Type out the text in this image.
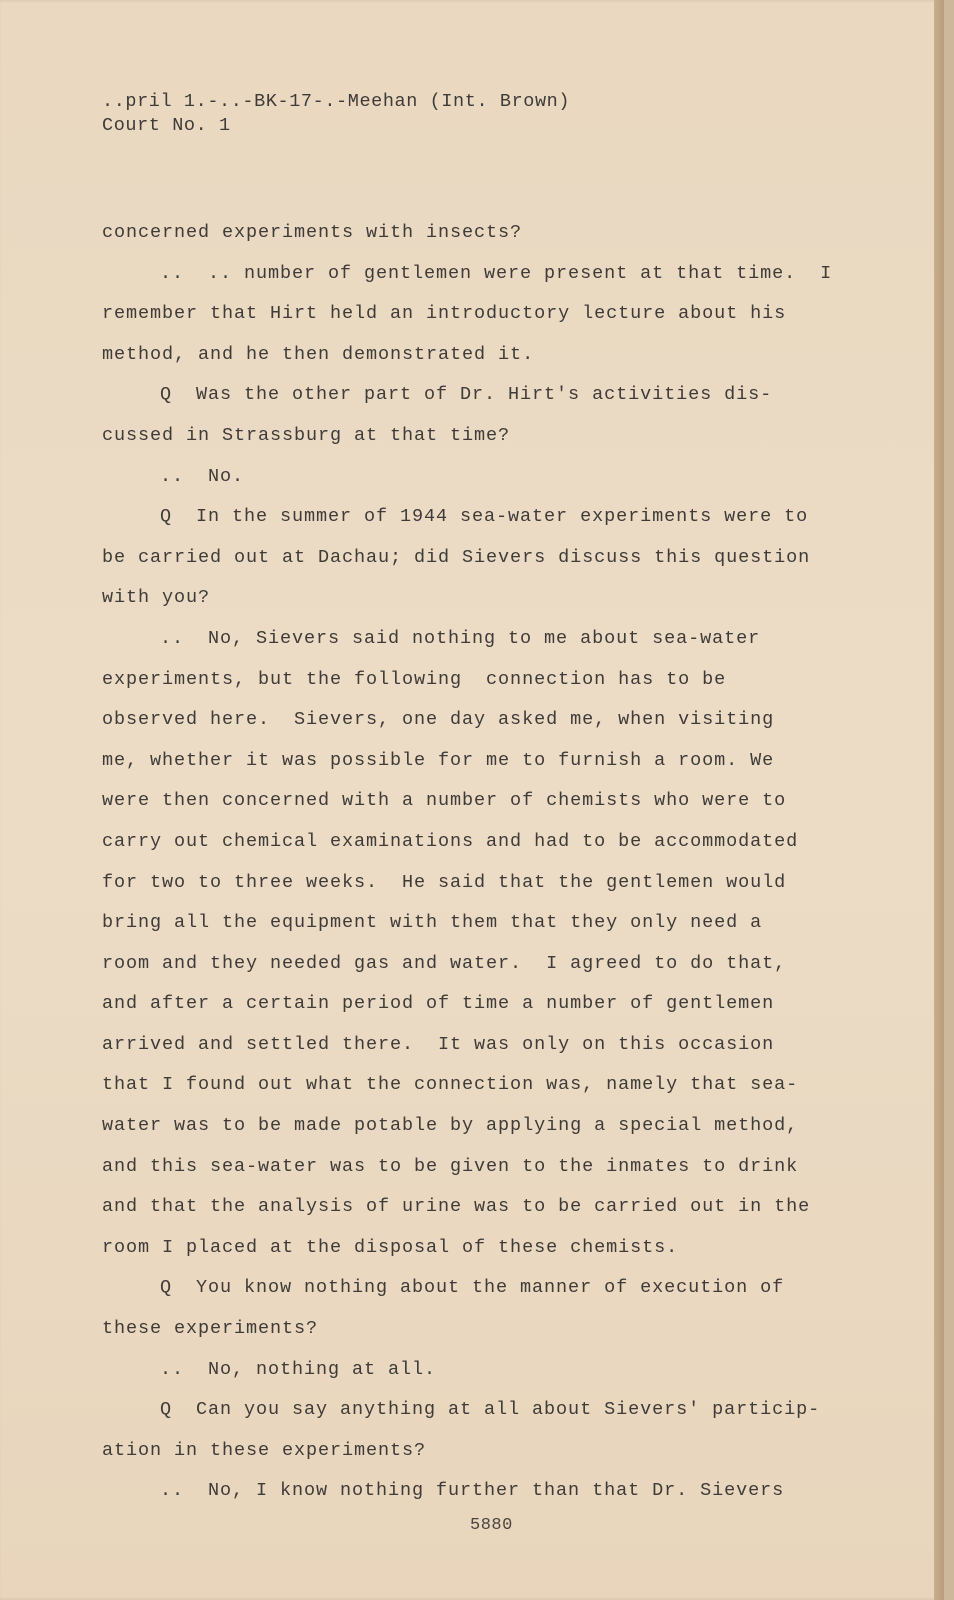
..pril 1.-..-BK-17-.-Meehan (Int. Brown)
Court No. 1
concerned experiments with insects?
..  .. number of gentlemen were present at that time.  I
remember that Hirt held an introductory lecture about his
method, and he then demonstrated it.
Q  Was the other part of Dr. Hirt's activities dis-
cussed in Strassburg at that time?
..  No.
Q  In the summer of 1944 sea-water experiments were to
be carried out at Dachau; did Sievers discuss this question
with you?
..  No, Sievers said nothing to me about sea-water
experiments, but the following  connection has to be
observed here.  Sievers, one day asked me, when visiting
me, whether it was possible for me to furnish a room. We
were then concerned with a number of chemists who were to
carry out chemical examinations and had to be accommodated
for two to three weeks.  He said that the gentlemen would
bring all the equipment with them that they only need a
room and they needed gas and water.  I agreed to do that,
and after a certain period of time a number of gentlemen
arrived and settled there.  It was only on this occasion
that I found out what the connection was, namely that sea-
water was to be made potable by applying a special method,
and this sea-water was to be given to the inmates to drink
and that the analysis of urine was to be carried out in the
room I placed at the disposal of these chemists.
Q  You know nothing about the manner of execution of
these experiments?
..  No, nothing at all.
Q  Can you say anything at all about Sievers' particip-
ation in these experiments?
..  No, I know nothing further than that Dr. Sievers
5880
